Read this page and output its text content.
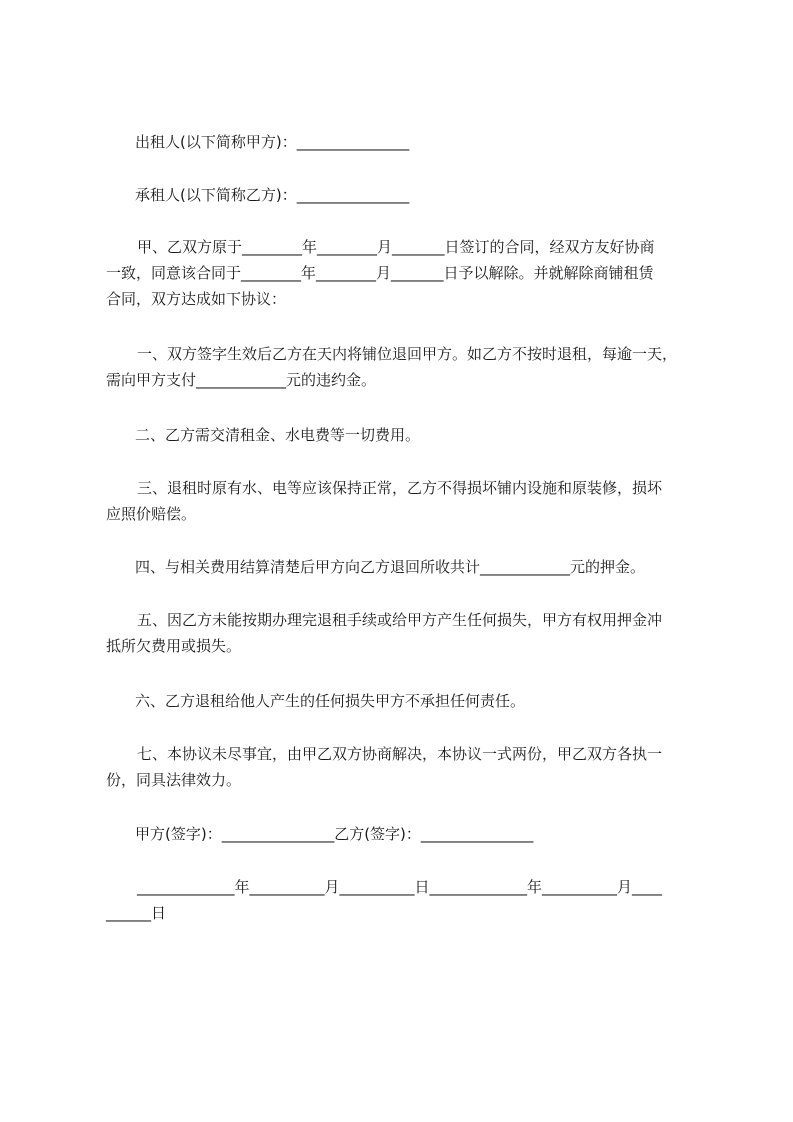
出租人(以下简称甲方)：_______________
承租人(以下简称乙方)：_______________
甲、乙双方原于________年________月_______日签订的合同，经双方友好协商
一致，同意该合同于________年________月_______日予以解除。并就解除商铺租赁
合同，双方达成如下协议：
一、双方签字生效后乙方在天内将铺位退回甲方。如乙方不按时退租，每逾一天，
需向甲方支付____________元的违约金。
二、乙方需交清租金、水电费等一切费用。
三、退租时原有水、电等应该保持正常，乙方不得损坏铺内设施和原装修，损坏
应照价赔偿。
四、与相关费用结算清楚后甲方向乙方退回所收共计____________元的押金。
五、因乙方未能按期办理完退租手续或给甲方产生任何损失，甲方有权用押金冲
抵所欠费用或损失。
六、乙方退租给他人产生的任何损失甲方不承担任何责任。
七、本协议未尽事宜，由甲乙双方协商解决，本协议一式两份，甲乙双方各执一
份，同具法律效力。
甲方(签字)：_______________乙方(签字)：_______________
_____________年__________月__________日_____________年__________月____
______日
